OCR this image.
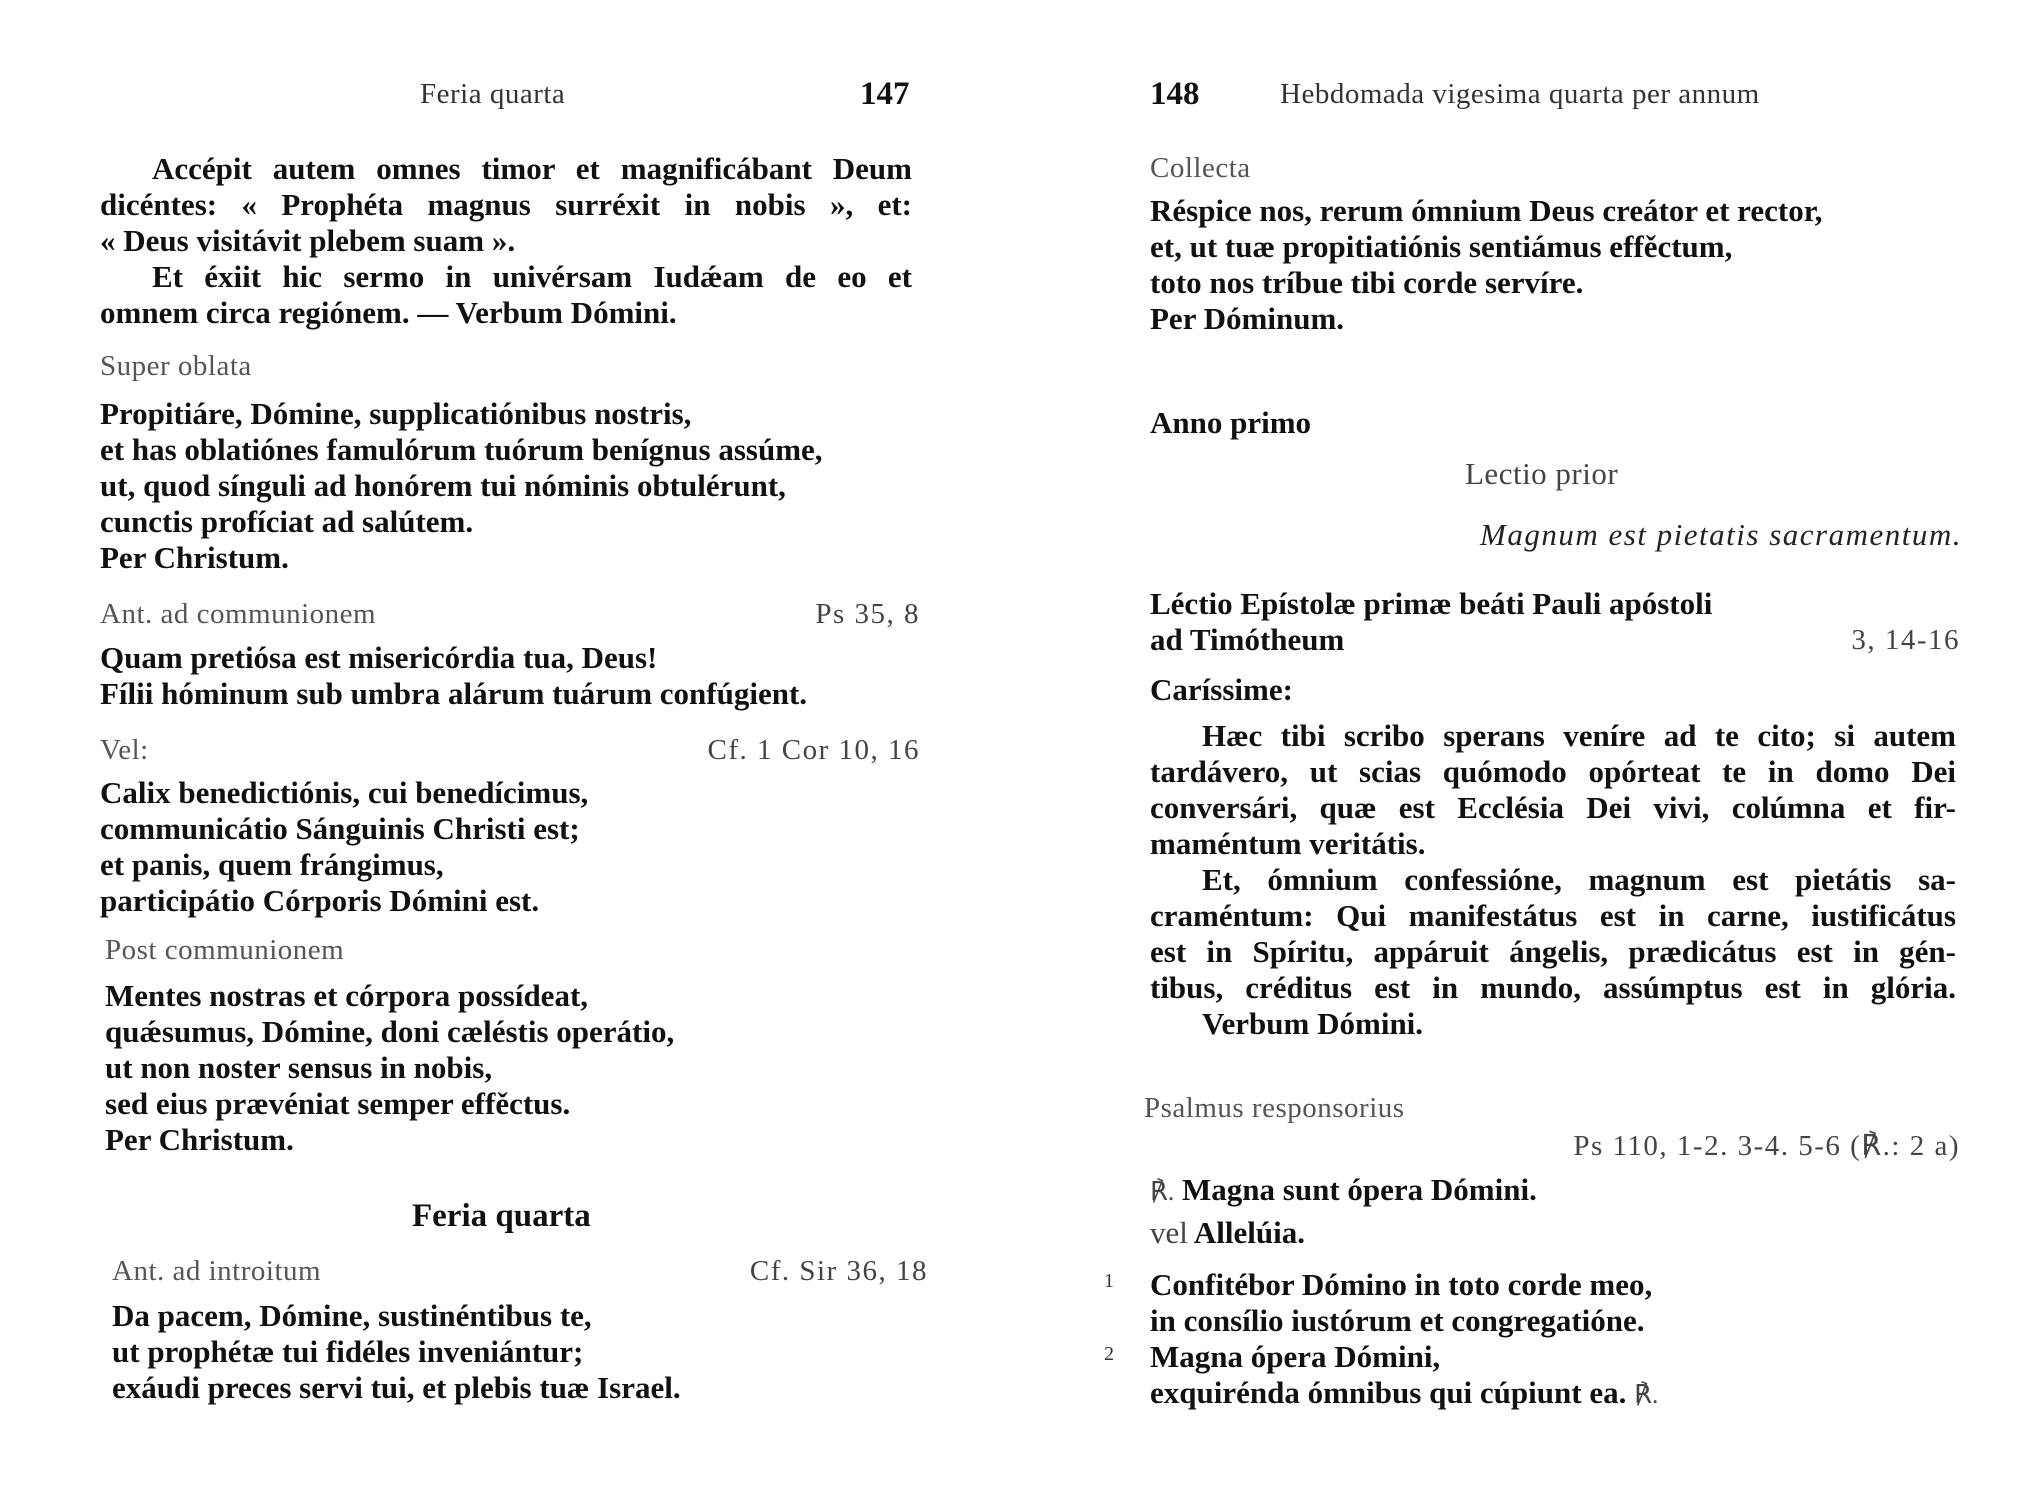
Feria quarta	147
Accépit autem omnes timor et magnificábant Deum
dicéntes: « Prophéta magnus surréxit in nobis », et:
« Deus visitávit plebem suam ».
Et éxiit hic sermo in univérsam Iudǽam de eo et
omnem circa regiónem. — Verbum Dómini.
Super oblata
Propitiáre, Dómine, supplicatiónibus nostris,
et has oblatiónes famulórum tuórum benígnus assúme,
ut, quod sínguli ad honórem tui nóminis obtulérunt,
cunctis profíciat ad salútem.
Per Christum.
Ant. ad communionem	Ps 35, 8
Quam pretiósa est misericórdia tua, Deus!
Fílii hóminum sub umbra alárum tuárum confúgient.
Vel:	Cf. 1 Cor 10, 16
Calix benedictiónis, cui benedícimus,
communicátio Sánguinis Christi est;
et panis, quem frángimus,
participátio Córporis Dómini est.
Post communionem
Mentes nostras et córpora possídeat,
quǽsumus, Dómine, doni cæléstis operátio,
ut non noster sensus in nobis,
sed eius prævéniat semper effěctus.
Per Christum.
Feria quarta
Ant. ad introitum	Cf. Sir 36, 18
Da pacem, Dómine, sustinéntibus te,
ut prophétæ tui fidéles inveniántur;
exáudi preces servi tui, et plebis tuæ Israel.
148	Hebdomada vigesima quarta per annum
Collecta
Réspice nos, rerum ómnium Deus creátor et rector,
et, ut tuæ propitiatiónis sentiámus effěctum,
toto nos tríbue tibi corde servíre.
Per Dóminum.
Anno primo
Lectio prior
Magnum est pietatis sacramentum.
Léctio Epístolæ primæ beáti Pauli apóstoli
ad Timótheum	3, 14-16
Caríssime:
Hæc tibi scribo sperans veníre ad te cito; si autem
tardávero, ut scias quómodo opórteat te in domo Dei
conversári, quæ est Ecclésia Dei vivi, colúmna et fir-
maméntum veritátis.
Et, ómnium confessióne, magnum est pietátis sa-
craméntum: Qui manifestátus est in carne, iustificátus
est in Spíritu, appáruit ángelis, prædicátus est in gén-
tibus, créditus est in mundo, assúmptus est in glória.
Verbum Dómini.
Psalmus responsorius
Ps 110, 1-2. 3-4. 5-6 (℟.: 2 a)
℟. Magna sunt ópera Dómini.
vel Allelúia.
1
2
Confitébor Dómino in toto corde meo,
in consílio iustórum et congregatióne.
Magna ópera Dómini,
exquirénda ómnibus qui cúpiunt ea. ℟.
